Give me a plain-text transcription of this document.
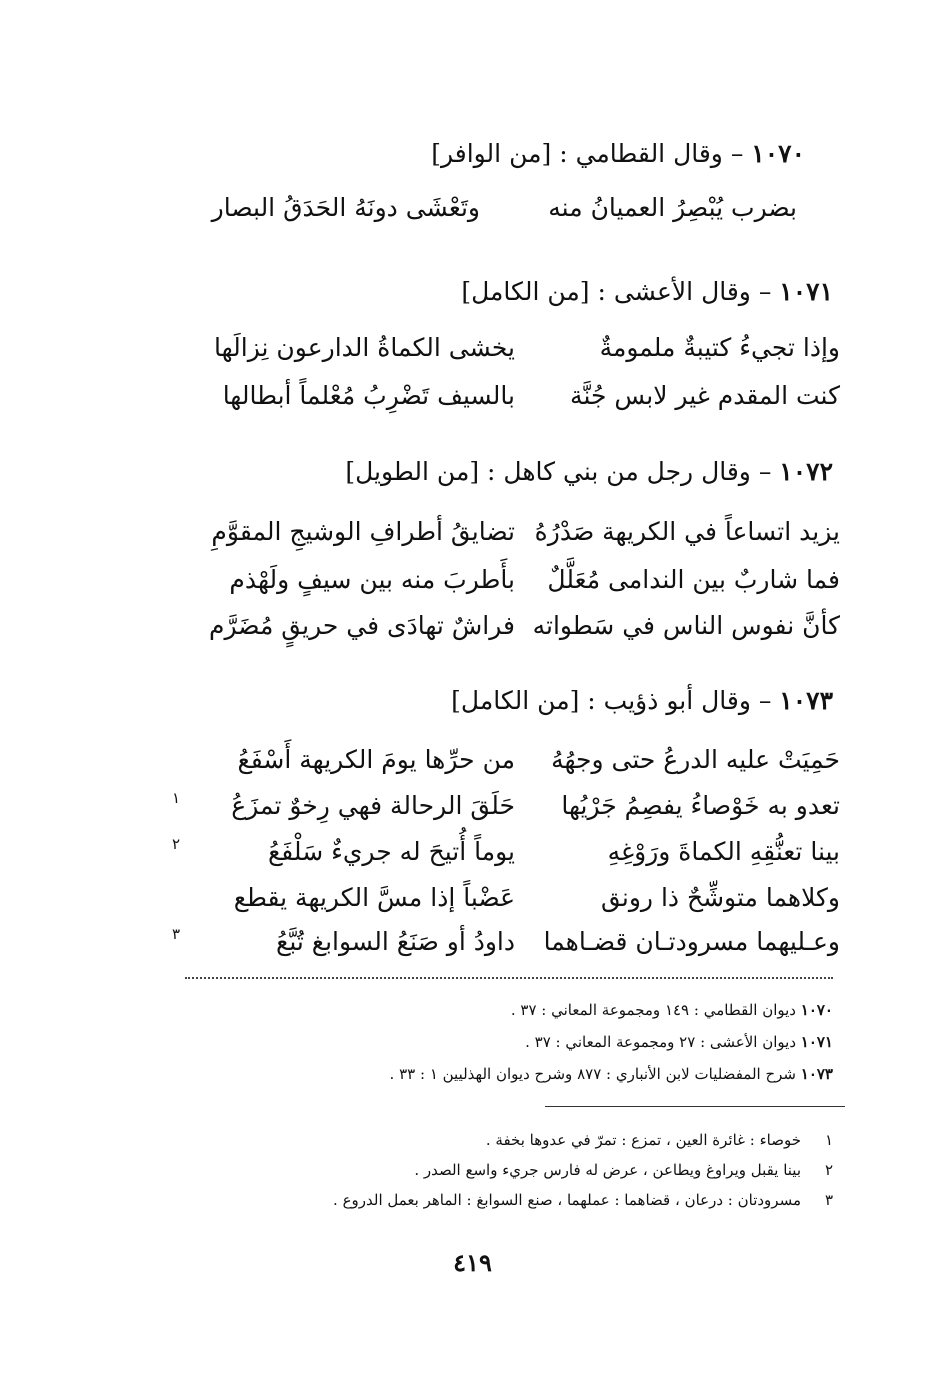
١٠٧٠ – وقال القطامي : [من الوافر]
بضرب يُبْصِرُ العميانُ منه
وتَعْشَى دونَهُ الحَدَقُ البصار
١٠٧١ – وقال الأعشى : [من الكامل]
وإذا تجيءُ كتيبةٌ ملمومةٌ
يخشى الكماةُ الدارعون نِزالَها
كنت المقدم غير لابس جُنَّة
بالسيف تَضْرِبُ مُعْلماً أبطالها
١٠٧٢ – وقال رجل من بني كاهل : [من الطويل]
يزيد اتساعاً في الكريهة صَدْرُهُ
تضايقُ أطرافِ الوشيجِ المقوَّمِ
فما شاربٌ بين الندامى مُعَلَّلٌ
بأَطربَ منه بين سيفٍ ولَهْذم
كأنَّ نفوس الناس في سَطواته
فراشٌ تهادَى في حريقٍ مُضَرَّم
١٠٧٣ – وقال أبو ذؤيب : [من الكامل]
حَمِيَتْ عليه الدرعُ حتى وجهُهُ
من حرِّها يومَ الكريهة أَسْفَعُ
تعدو به خَوْصاءُ يفصِمُ جَرْيُها
حَلَقَ الرحالة فهي رِخوٌ تمزَعُ
١
بينا تعنُّقِهِ الكماةَ ورَوْغِهِ
يوماً أُتيحَ له جريءٌ سَلْفَعُ
٢
وكلاهما متوشِّحٌ ذا رونق
عَضْباً إذا مسَّ الكريهة يقطع
وعـليهما مسرودتـان قضـاهما
داودُ أو صَنَعُ السوابغ تُبَّعُ
٣
١٠٧٠ ديوان القطامي : ١٤٩ ومجموعة المعاني : ٣٧ .
١٠٧١ ديوان الأعشى : ٢٧ ومجموعة المعاني : ٣٧ .
١٠٧٣ شرح المفضليات لابن الأنباري : ٨٧٧ وشرح ديوان الهذليين ١ : ٣٣ .
١خوصاء : غائرة العين ، تمزع : تمرّ في عدوها بخفة .
٢بينا يقبل ويراوغ ويطاعن ، عرض له فارس جريء واسع الصدر .
٣مسرودتان : درعان ، قضاهما : عملهما ، صنع السوابغ : الماهر بعمل الدروع .
٤١٩
